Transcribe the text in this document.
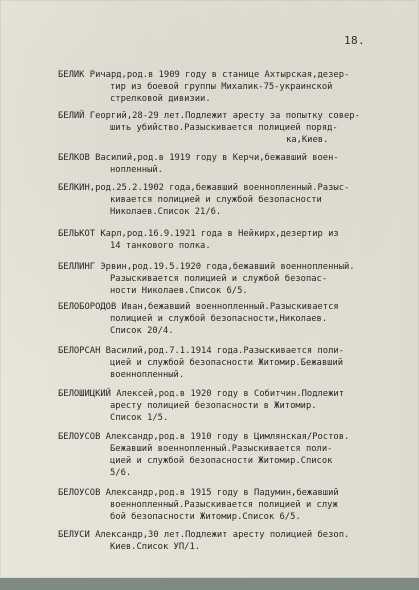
18.
БЕЛИК Ричард,род.в 1909 году в станице Ахтырская,дезер-
тир из боевой группы Михалик-75-украинской
стрелковой дивизии.
БЕЛИЙ Георгий,28-29 лет.Подлежит аресту за попытку совер-
шить убийство.Разыскивается полицией поряд-
ка,Киев.
БЕЛКОВ Василий,род.в 1919 году в Керчи,бежавший воен-
нопленный.
БЕЛКИН,род.25.2.1902 года,бежавший военнопленный.Разыс-
кивается полицией и службой безопасности
Николаев.Список 21/6.
БЕЛЬКОТ Карл,род.16.9.1921 года в Нейкирх,дезертир из
14 танкового полка.
БЕЛЛИНГ Эрвин,род.19.5.1920 года,бежавший военнопленный.
Разыскивается полицией и службой безопас-
ности Николаев.Список 6/5.
БЕЛОБОРОДОВ Иван,бежавший военнопленный.Разыскивается
полицией и службой безопасности,Николаев.
Список 20/4.
БЕЛОРСАН Василий,род.7.1.1914 года.Разыскивается поли-
цией и службой безопасности Житомир.Бежавший
военнопленный.
БЕЛОШИЦКИЙ Алексей,род.в 1920 году в Собитчин.Подлежит
аресту полицией безопасности в Житомир.
Список 1/5.
БЕЛОУСОВ Александр,род.в 1910 году в Цимлянская/Ростов.
Бежавший военнопленный.Разыскивается поли-
цией и службой безопасности Житомир.Список
5/6.
БЕЛОУСОВ Александр,род.в 1915 году в Падумин,бежавший
военнопленный.Разыскивается полицией и служ
бой безопасности Житомир.Список 6/5.
БЕЛУСИ Александр,30 лет.Подлежит аресту полицией безоп.
Киев.Список УП/1.
